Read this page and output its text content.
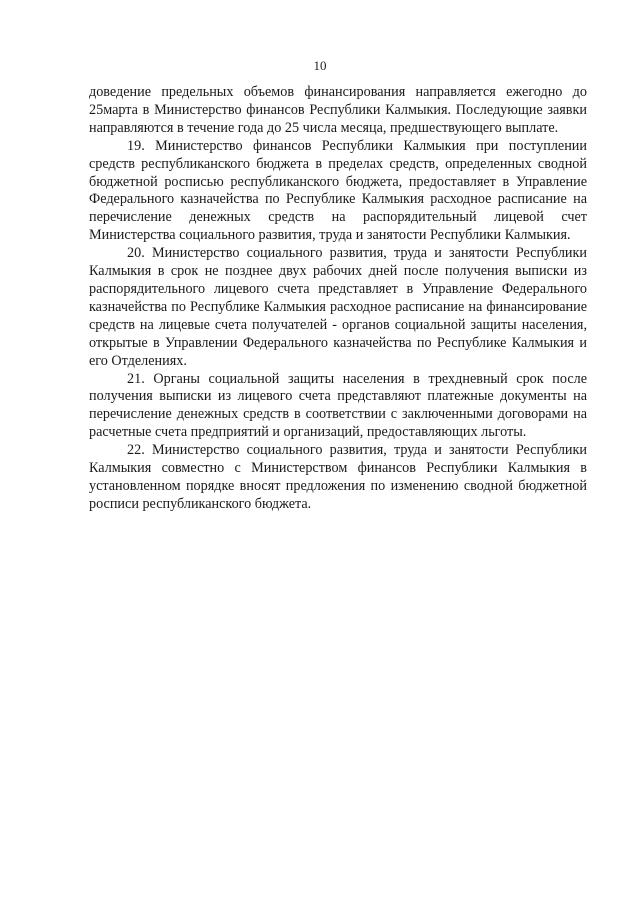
10

доведение предельных объемов финансирования направляется ежегодно до 25марта в Министерство финансов Республики Калмыкия. Последующие заявки направляются в течение года до 25 числа месяца, предшествующего выплате.

19. Министерство финансов Республики Калмыкия при поступлении средств республиканского бюджета в пределах средств, определенных сводной бюджетной росписью республиканского бюджета, предоставляет в Управление Федерального казначейства по Республике Калмыкия расходное расписание на перечисление денежных средств на распорядительный лицевой счет Министерства социального развития, труда и занятости Республики Калмыкия.

20. Министерство социального развития, труда и занятости Республики Калмыкия в срок не позднее двух рабочих дней после получения выписки из распорядительного лицевого счета представляет в Управление Федерального казначейства по Республике Калмыкия расходное расписание на финансирование средств на лицевые счета получателей - органов социальной защиты населения, открытые в Управлении Федерального казначейства по Республике Калмыкия и его Отделениях.

21. Органы социальной защиты населения в трехдневный срок после получения выписки из лицевого счета представляют платежные документы на перечисление денежных средств в соответствии с заключенными договорами на расчетные счета предприятий и организаций, предоставляющих льготы.

22. Министерство социального развития, труда и занятости Республики Калмыкия совместно с Министерством финансов Республики Калмыкия в установленном порядке вносят предложения по изменению сводной бюджетной росписи республиканского бюджета.
